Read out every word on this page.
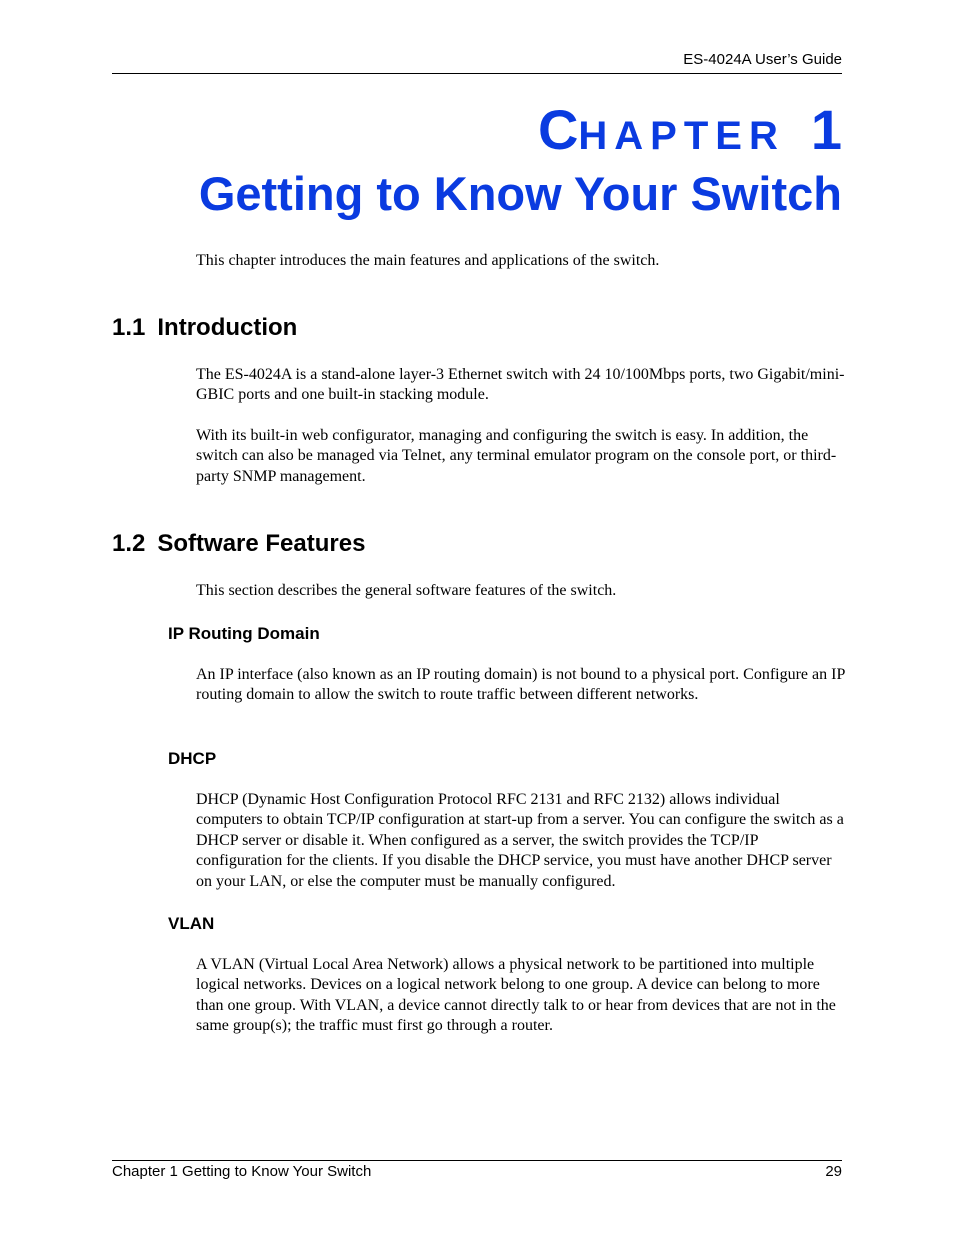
ES-4024A User’s Guide
CHAPTER 1
Getting to Know Your Switch

This chapter introduces the main features and applications of the switch.

1.1 Introduction

The ES-4024A is a stand-alone layer-3 Ethernet switch with 24 10/100Mbps ports, two Gigabit/mini-GBIC ports and one built-in stacking module.

With its built-in web configurator, managing and configuring the switch is easy. In addition, the switch can also be managed via Telnet, any terminal emulator program on the console port, or third-party SNMP management.

1.2 Software Features

This section describes the general software features of the switch.

IP Routing Domain

An IP interface (also known as an IP routing domain) is not bound to a physical port. Configure an IP routing domain to allow the switch to route traffic between different networks.

DHCP

DHCP (Dynamic Host Configuration Protocol RFC 2131 and RFC 2132) allows individual computers to obtain TCP/IP configuration at start-up from a server. You can configure the switch as a DHCP server or disable it. When configured as a server, the switch provides the TCP/IP configuration for the clients. If you disable the DHCP service, you must have another DHCP server on your LAN, or else the computer must be manually configured.

VLAN

A VLAN (Virtual Local Area Network) allows a physical network to be partitioned into multiple logical networks. Devices on a logical network belong to one group. A device can belong to more than one group. With VLAN, a device cannot directly talk to or hear from devices that are not in the same group(s); the traffic must first go through a router.

Chapter 1 Getting to Know Your Switch	29
